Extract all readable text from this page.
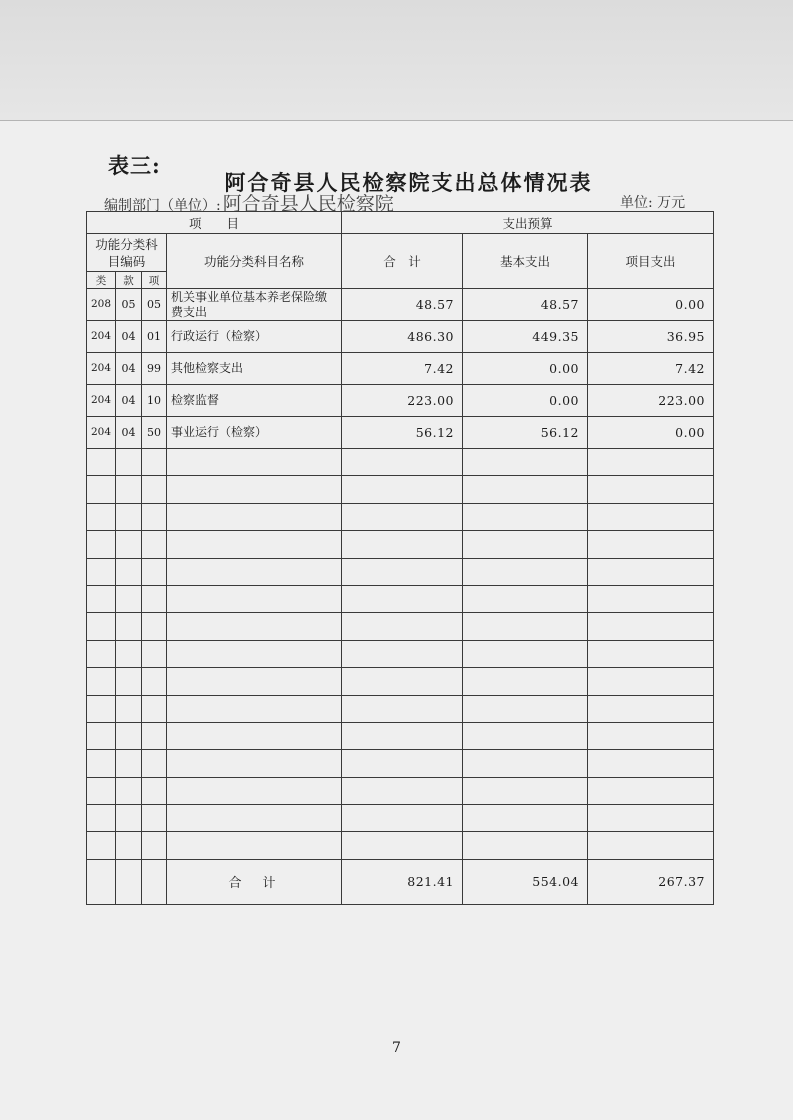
表三:
阿合奇县人民检察院支出总体情况表
编制部门（单位）: 阿合奇县人民检察院	单位: 万元
项　　目				支出预算		
功能分类科目编码			功能分类科目名称	合　计	基本支出	项目支出
类	款	项				
208	05	05	机关事业单位基本养老保险缴费支出	48.57	48.57	0.00
204	04	01	行政运行（检察）	486.30	449.35	36.95
204	04	99	其他检察支出	7.42	0.00	7.42
204	04	10	检察监督	223.00	0.00	223.00
204	04	50	事业运行（检察）	56.12	56.12	0.00

			合　计	821.41	554.04	267.37
7
